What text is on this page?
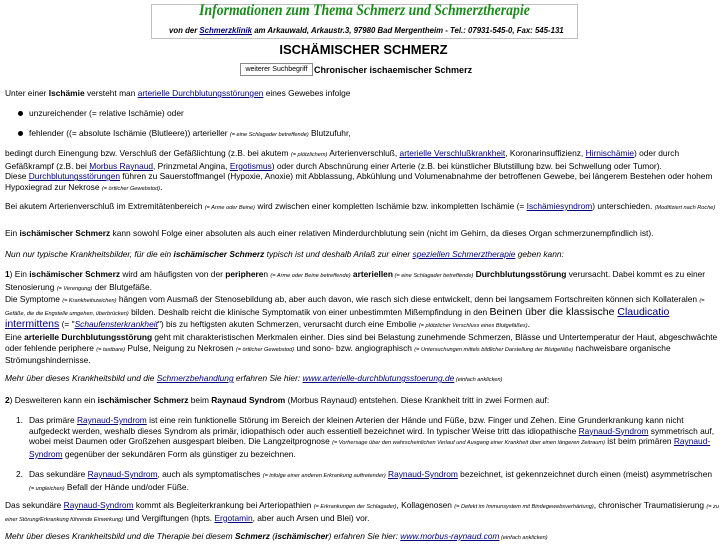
Informationen zum Thema Schmerz und Schmerztherapie
von der Schmerzklinik am Arkauwald, Arkaustr.3, 97980 Bad Mergentheim - Tel.: 07931-545-0, Fax: 545-131
ISCHÄMISCHER SCHMERZ
weiterer Suchbegriff Chronischer ischaemischer Schmerz
Unter einer Ischämie versteht man arterielle Durchblutungsstörungen eines Gewebes infolge
unzureichender (= relative Ischämie) oder
fehlender ((= absolute Ischämie (Blutleere)) arterieller (= eine Schlagader betreffende) Blutzufuhr,
bedingt durch Einengung bzw. Verschluß der Gefäßlichtung (z.B. bei akutem (= plötzlichem) Arterienverschluß, arterielle Verschlußkrankheit, Koronarinsuffizienz, Hirnischämie) oder durch Gefäßkrampf (z.B. bei Morbus Raynaud, Prinzmetal Angina, Ergotismus) oder durch Abschnürung einer Arterie (z.B. bei künstlicher Blutstillung bzw. bei Schwellung oder Tumor).
Diese Durchblutungsstörungen führen zu Sauerstoffmangel (Hypoxie, Anoxie) mit Abblassung, Abkühlung und Volumenabnahme der betroffenen Gewebe, bei längerem Bestehen oder hohem Hypoxiegrad zur Nekrose (= örtlicher Gewebstod).
Bei akutem Arterienverschluß im Extremitätenbereich (= Arme oder Beine) wird zwischen einer kompletten Ischämie bzw. inkompletten Ischämie (= Ischämiesyndrom) unterschieden. (Modifiziert nach Roche)
Ein ischämischer Schmerz kann sowohl Folge einer absoluten als auch einer relativen Minderdurchblutung sein (nicht im Gehirn, da dieses Organ schmerzunempfindlich ist).
Nun nur typische Krankheitsbilder, für die ein ischämischer Schmerz typisch ist und deshalb Anlaß zur einer speziellen Schmerztherapie geben kann:
1) Ein ischämischer Schmerz wird am häufigsten von der peripheren (= Arme oder Beine betreffende) arteriellen (= eine Schlagader betreffende) Durchblutungsstörung verursacht. Dabei kommt es zu einer Stenosierung (= Verengung) der Blutgefäße.
Die Symptome (= Krankheitszeichen) hängen vom Ausmaß der Stenosebildung ab, aber auch davon, wie rasch sich diese entwickelt, denn bei langsamem Fortschreiten können sich Kollateralen (= Gefäße, die die Engstelle umgehen, überbrücken) bilden. Deshalb reicht die klinische Symptomatik von einer unbestimmten Mißempfindung in den Beinen über die klassische Claudicatio intermittens (= "Schaufensterkrankheit") bis zu heftigsten akuten Schmerzen, verursacht durch eine Embolie (= plötzlicher Verschluss eines Blutgefäßes).
Eine arterielle Durchblutungsstörung geht mit charakteristischen Merkmalen einher. Dies sind bei Belastung zunehmende Schmerzen, Blässe und Untertemperatur der Haut, abgeschwächte oder fehlende periphere (= tastbare) Pulse, Neigung zu Nekrosen (= örtlicher Gewebstod) und sono- bzw. angiographisch (= Untersuchungen mittels bildlicher Darstellung der Blutgefäße) nachweisbare organische Strömungshindernisse.
Mehr über dieses Krankheitsbild und die Schmerzbehandlung erfahren Sie hier: www.arterielle-durchblutungsstoerung.de (einfach anklicken)
2) Desweiteren kann ein ischämischer Schmerz beim Raynaud Syndrom (Morbus Raynaud) entstehen. Diese Krankheit tritt in zwei Formen auf:
1. Das primäre Raynaud-Syndrom ist eine rein funktionelle Störung im Bereich der kleinen Arterien der Hände und Füße, bzw. Finger und Zehen. Eine Grunderkrankung kann nicht aufgedeckt werden, weshalb dieses Syndrom als primär, idiopathisch oder auch essentiell bezeichnet wird. In typischer Weise tritt das idiopathische Raynaud-Syndrom symmetrisch auf, wobei meist Daumen oder Großzehen ausgespart bleiben. Die Langzeitprognose (= Vorhersage über den wahrscheinlichen Verlauf und Ausgang einer Krankheit über einen längeren Zeitraum) ist beim primären Raynaud-Syndrom gegenüber der sekundären Form als günstiger zu bezeichnen.
2. Das sekundäre Raynaud-Syndrom, auch als symptomatisches (= infolge einer anderen Erkrankung auftretender) Raynaud-Syndrom bezeichnet, ist gekennzeichnet durch einen (meist) asymmetrischen (= ungleichen) Befall der Hände und/oder Füße.
Das sekundäre Raynaud-Syndrom kommt als Begleiterkrankung bei Arteriopathien (= Erkrankungen der Schlagader), Kollagenosen (= Defekt im Immunsystem mit Bindegewebsverhärtung), chronischer Traumatisierung (= zu einer Störung/Erkrankung führende Einwirkung) und Vergiftungen (hpts. Ergotamin, aber auch Arsen und Blei) vor.
Mehr über dieses Krankheitsbild und die Therapie bei diesem Schmerz (ischämischer) erfahren Sie hier: www.morbus-raynaud.com (einfach anklicken)
